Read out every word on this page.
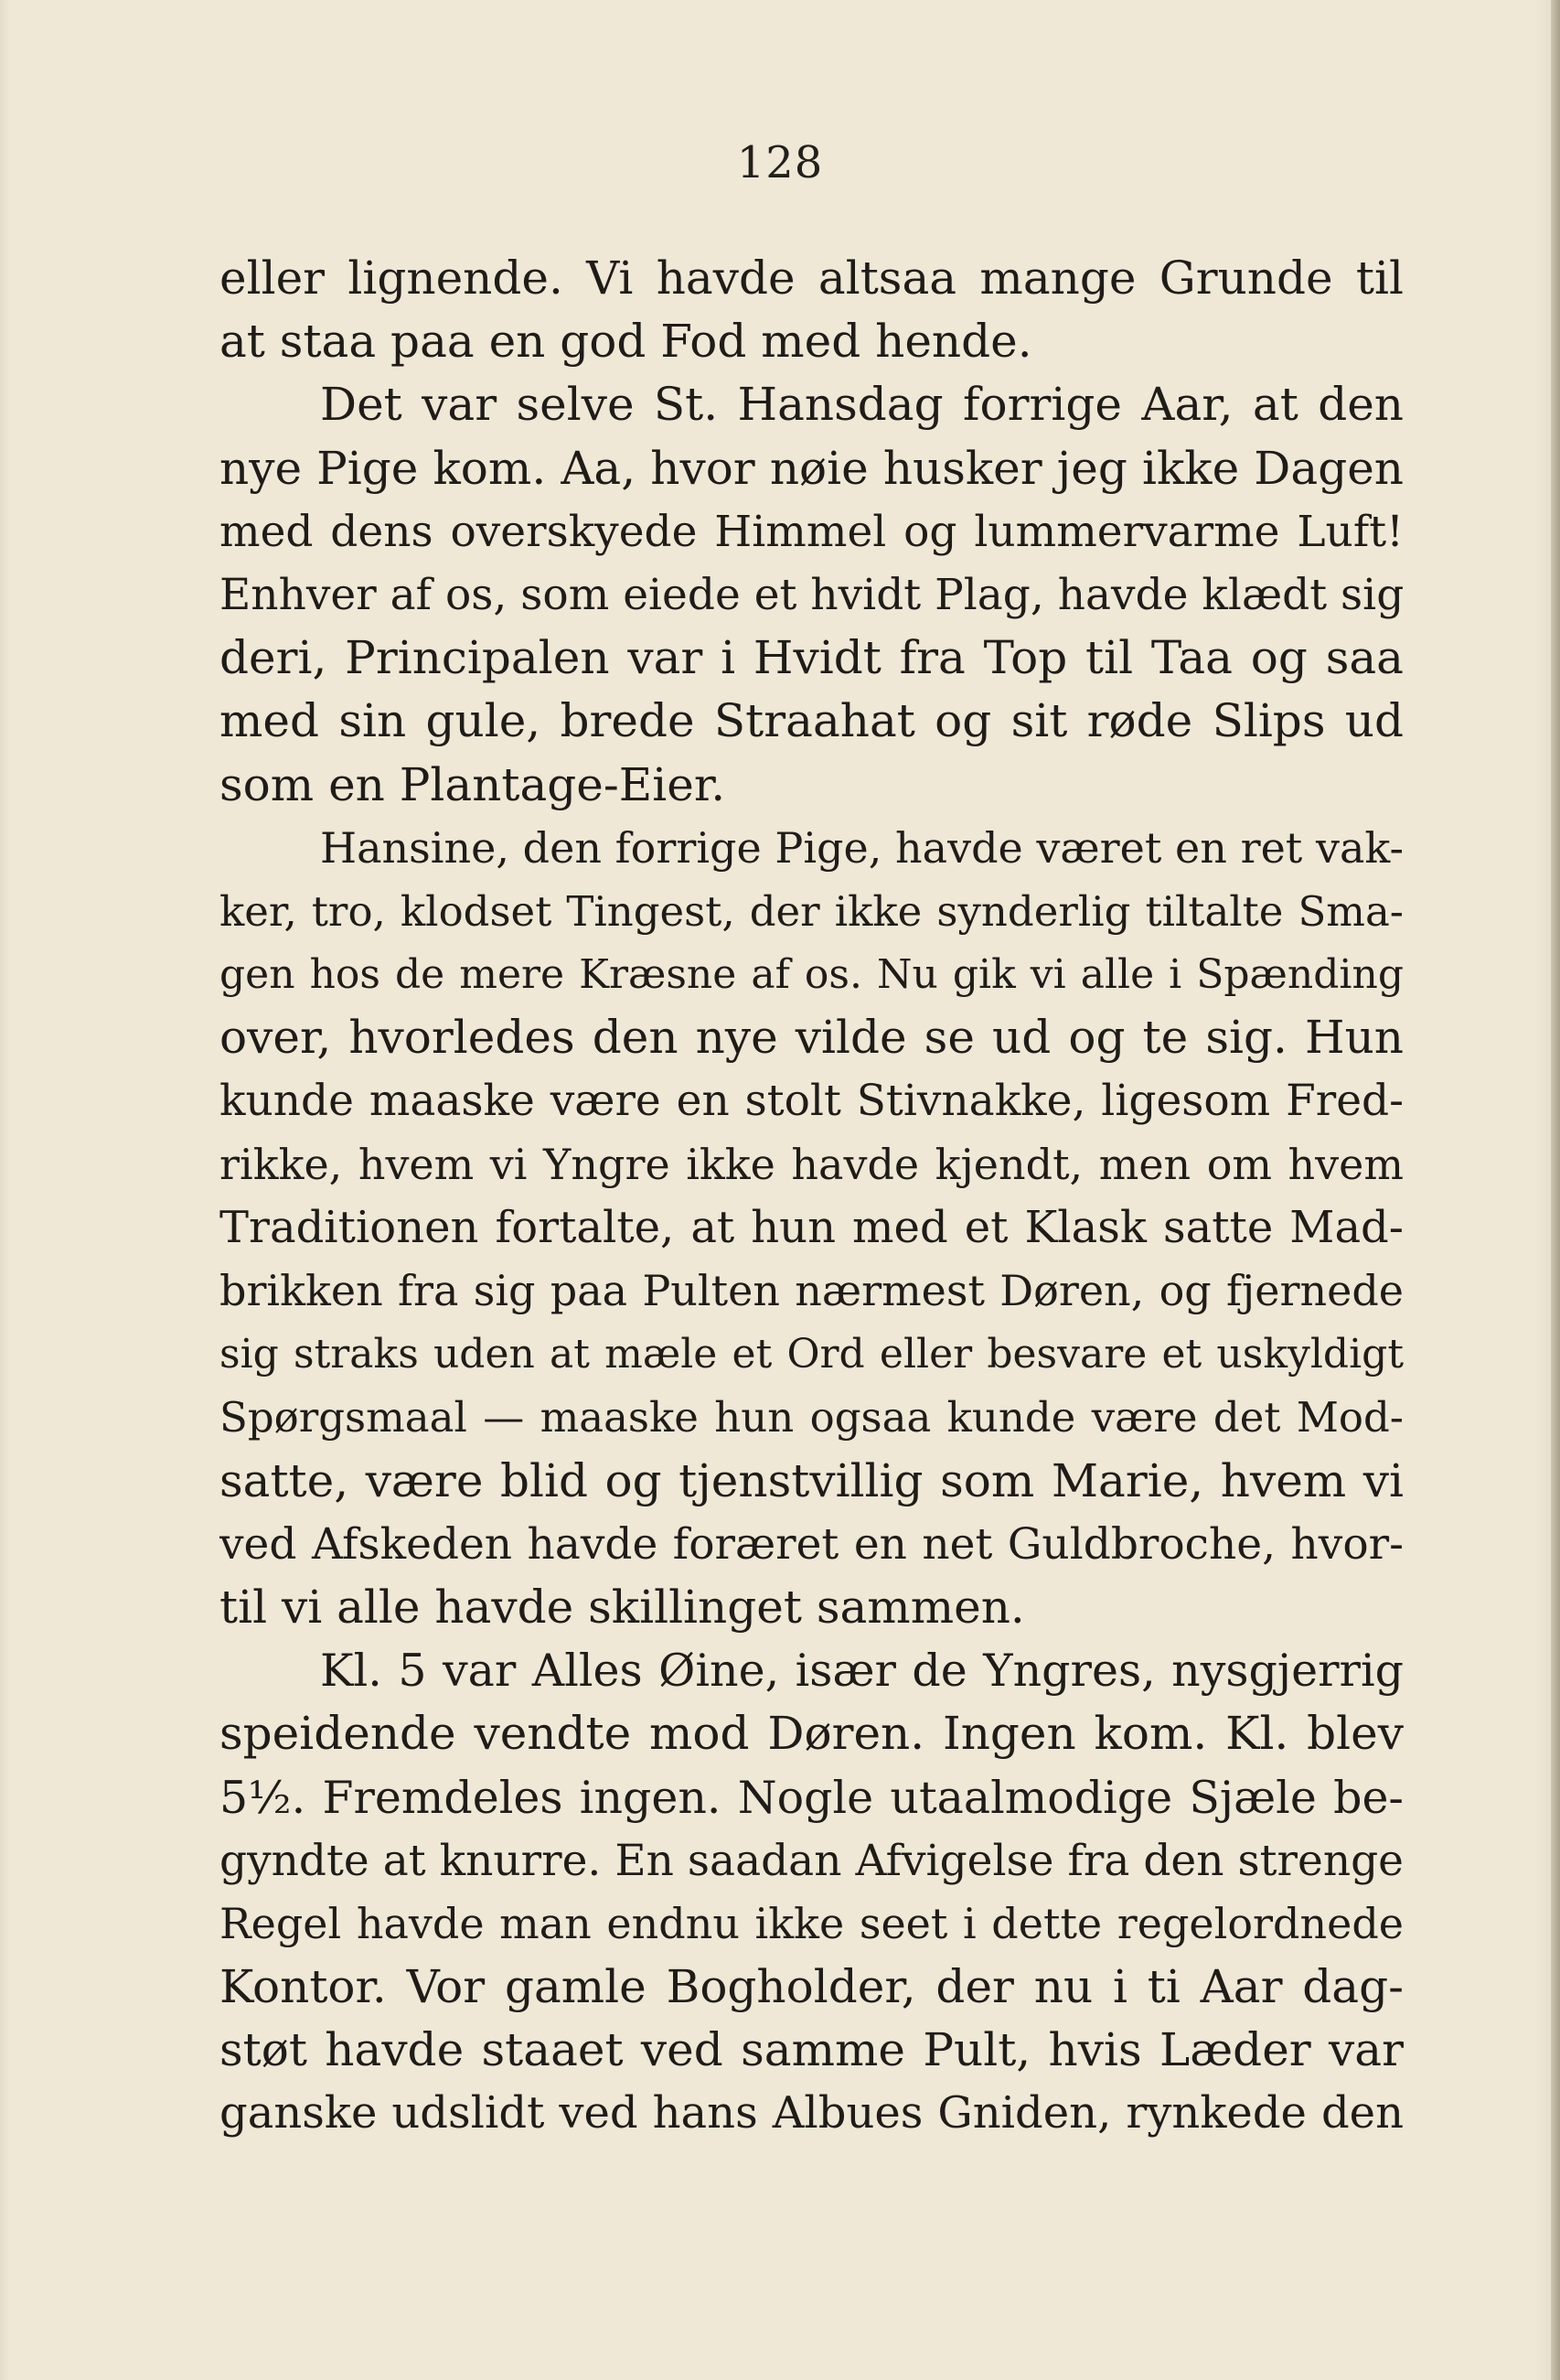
128
eller lignende. Vi havde altsaa mange Grunde til
at staa paa en god Fod med hende.
Det var selve St. Hansdag forrige Aar, at den
nye Pige kom. Aa, hvor nøie husker jeg ikke Dagen
med dens overskyede Himmel og lummervarme Luft!
Enhver af os, som eiede et hvidt Plag, havde klædt sig
deri, Principalen var i Hvidt fra Top til Taa og saa
med sin gule, brede Straahat og sit røde Slips ud
som en Plantage-Eier.
Hansine, den forrige Pige, havde været en ret vak-
ker, tro, klodset Tingest, der ikke synderlig tiltalte Sma-
gen hos de mere Kræsne af os. Nu gik vi alle i Spænding
over, hvorledes den nye vilde se ud og te sig. Hun
kunde maaske være en stolt Stivnakke, ligesom Fred-
rikke, hvem vi Yngre ikke havde kjendt, men om hvem
Traditionen fortalte, at hun med et Klask satte Mad-
brikken fra sig paa Pulten nærmest Døren, og fjernede
sig straks uden at mæle et Ord eller besvare et uskyldigt
Spørgsmaal — maaske hun ogsaa kunde være det Mod-
satte, være blid og tjenstvillig som Marie, hvem vi
ved Afskeden havde foræret en net Guldbroche, hvor-
til vi alle havde skillinget sammen.
Kl. 5 var Alles Øine, især de Yngres, nysgjerrig
speidende vendte mod Døren. Ingen kom. Kl. blev
5½. Fremdeles ingen. Nogle utaalmodige Sjæle be-
gyndte at knurre. En saadan Afvigelse fra den strenge
Regel havde man endnu ikke seet i dette regelordnede
Kontor. Vor gamle Bogholder, der nu i ti Aar dag-
støt havde staaet ved samme Pult, hvis Læder var
ganske udslidt ved hans Albues Gniden, rynkede den
